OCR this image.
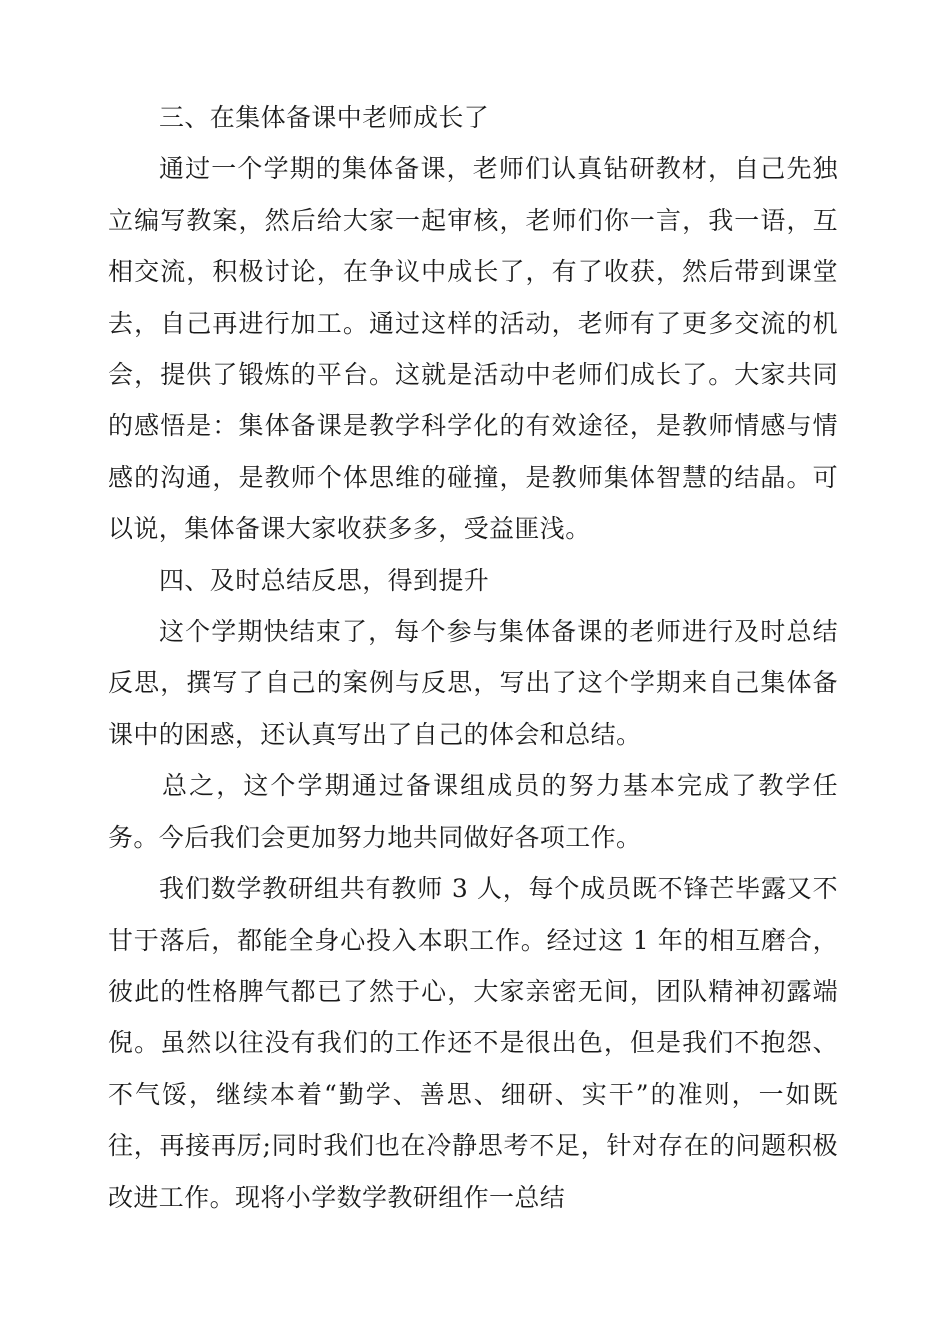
三、在集体备课中老师成长了

通过一个学期的集体备课，老师们认真钻研教材，自己先独立编写教案，然后给大家一起审核，老师们你一言，我一语，互相交流，积极讨论，在争议中成长了，有了收获，然后带到课堂去，自己再进行加工。通过这样的活动，老师有了更多交流的机会，提供了锻炼的平台。这就是活动中老师们成长了。大家共同的感悟是：集体备课是教学科学化的有效途径，是教师情感与情感的沟通，是教师个体思维的碰撞，是教师集体智慧的结晶。可以说，集体备课大家收获多多，受益匪浅。

四、及时总结反思，得到提升

这个学期快结束了，每个参与集体备课的老师进行及时总结反思，撰写了自己的案例与反思，写出了这个学期来自己集体备课中的困惑，还认真写出了自己的体会和总结。

总之，这个学期通过备课组成员的努力基本完成了教学任务。今后我们会更加努力地共同做好各项工作。

我们数学教研组共有教师 3 人，每个成员既不锋芒毕露又不甘于落后，都能全身心投入本职工作。经过这 1 年的相互磨合，彼此的性格脾气都已了然于心，大家亲密无间，团队精神初露端倪。虽然以往没有我们的工作还不是很出色，但是我们不抱怨、不气馁，继续本着“勤学、善思、细研、实干”的准则，一如既往，再接再厉;同时我们也在冷静思考不足，针对存在的问题积极改进工作。现将小学数学教研组作一总结
